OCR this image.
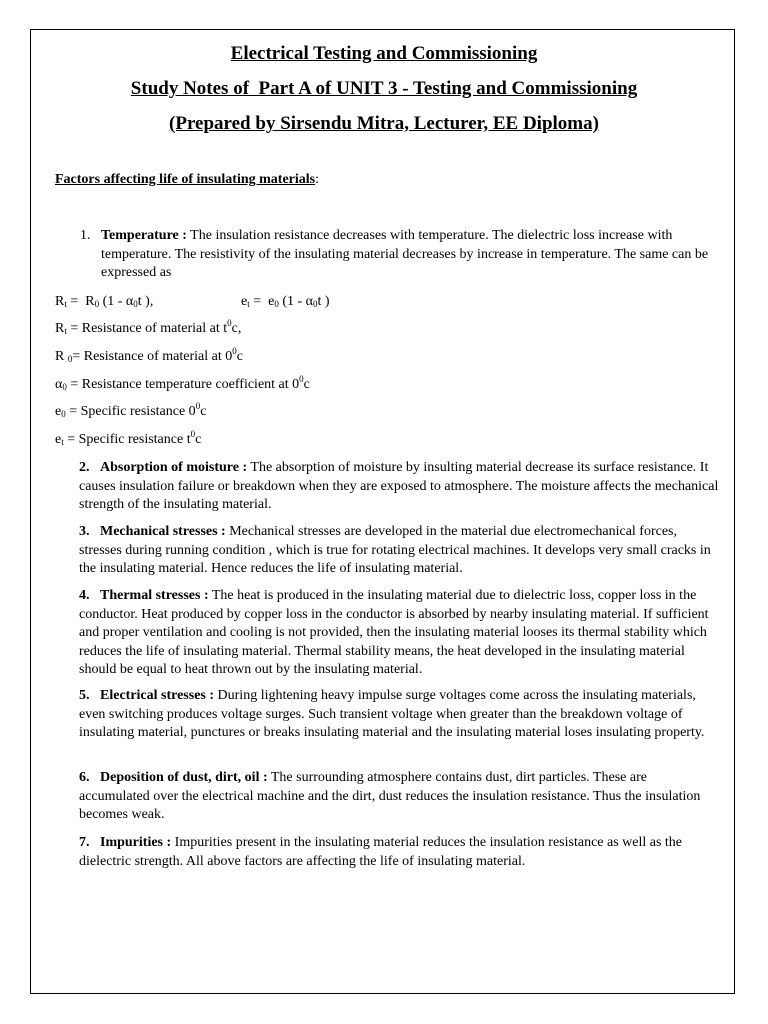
Electrical Testing and Commissioning
Study Notes of  Part A of UNIT 3 - Testing and Commissioning
(Prepared by Sirsendu Mitra, Lecturer, EE Diploma)
Factors affecting life of insulating materials:
1. Temperature : The insulation resistance decreases with temperature. The dielectric loss increase with temperature. The resistivity of the insulating material decreases by increase in temperature. The same can be expressed as
$R_t = R_0$ ($1 - \alpha_0t$ ),	$e_t = e_0$ ($1 - \alpha_0t$ )
$R_t$ = Resistance of material at $t^0c$,
R $_0$= Resistance of material at $0^0c$
$\alpha_0$ = Resistance temperature coefficient at $0^0c$
$e_0$ = Specific resistance $0^0c$
$e_t$ = Specific resistance $t^0c$
2. Absorption of moisture : The absorption of moisture by insulting material decrease its surface resistance. It causes insulation failure or breakdown when they are exposed to atmosphere. The moisture affects the mechanical strength of the insulating material.
3. Mechanical stresses : Mechanical stresses are developed in the material due electromechanical forces, stresses during running condition , which is true for rotating electrical machines. It develops very small cracks in the insulating material. Hence reduces the life of insulating material.
4. Thermal stresses : The heat is produced in the insulating material due to dielectric loss, copper loss in the conductor. Heat produced by copper loss in the conductor is absorbed by nearby insulating material. If sufficient and proper ventilation and cooling is not provided, then the insulating material looses its thermal stability which reduces the life of insulating material. Thermal stability means, the heat developed in the insulating material should be equal to heat thrown out by the insulating material.
5. Electrical stresses : During lightening heavy impulse surge voltages come across the insulating materials, even switching produces voltage surges. Such transient voltage when greater than the breakdown voltage of insulating material, punctures or breaks insulating material and the insulating material loses insulating property.
6. Deposition of dust, dirt, oil : The surrounding atmosphere contains dust, dirt particles. These are accumulated over the electrical machine and the dirt, dust reduces the insulation resistance. Thus the insulation becomes weak.
7. Impurities : Impurities present in the insulating material reduces the insulation resistance as well as the dielectric strength. All above factors are affecting the life of insulating material.
